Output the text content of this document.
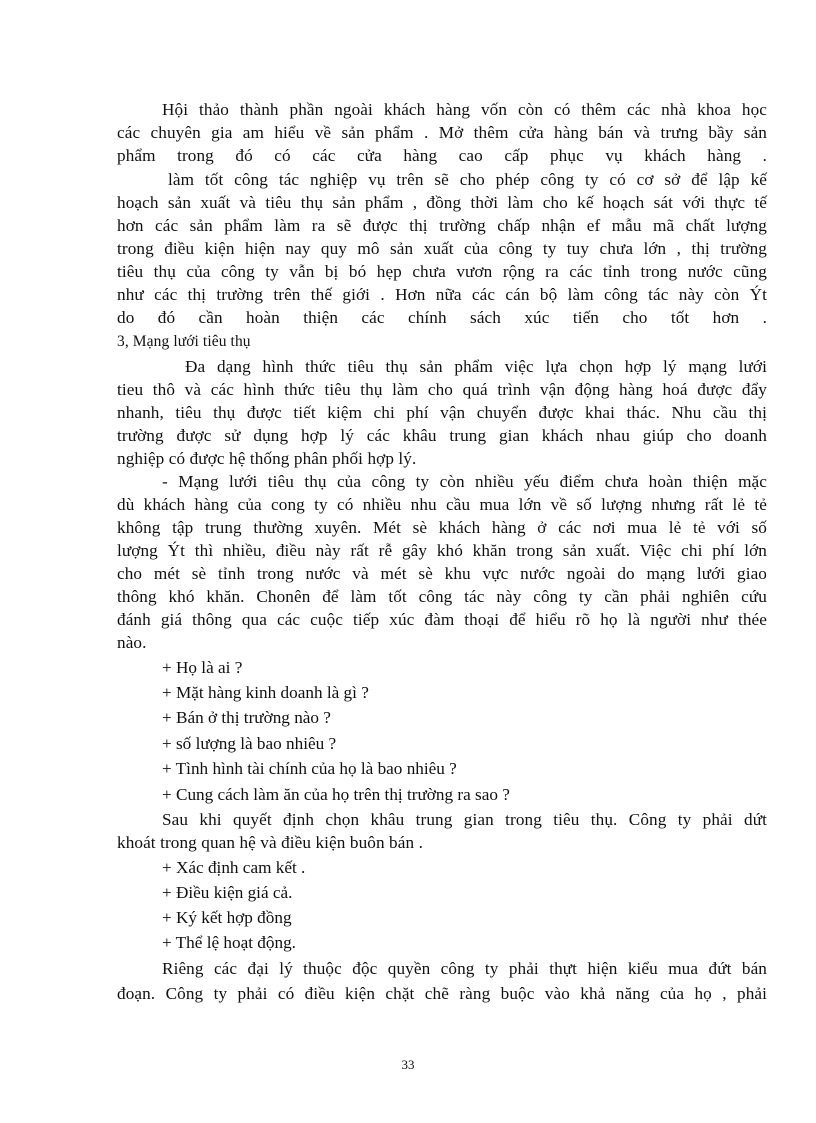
Hội thảo thành phần ngoài khách hàng vốn còn có thêm các nhà khoa học
các chuyên gia am hiểu về sản phẩm . Mở thêm cửa hàng bán và trưng bầy sản
phẩm trong đó có các cửa hàng cao cấp phục vụ khách hàng .
làm tốt công tác nghiệp vụ trên sẽ cho phép công ty có cơ sở để lập kế
hoạch sản xuất và tiêu thụ sản phẩm , đồng thời làm cho kế hoạch sát với thực tế
hơn các sản phẩm làm ra sẽ được thị trường chấp nhận ef mẫu mã chất lượng
trong điều kiện hiện nay quy mô sản xuất của công ty tuy chưa lớn , thị trường
tiêu thụ của công ty vẫn bị bó hẹp chưa vươn rộng ra các tỉnh trong nước cũng
như các thị trường trên thế giới . Hơn nữa các cán bộ làm công tác này còn Ýt
do đó cần hoàn thiện các chính sách xúc tiến cho tốt hơn .
3, Mạng lưới tiêu thụ
Đa dạng hình thức tiêu thụ sản phẩm việc lựa chọn hợp lý mạng lưới
tieu thô và các hình thức tiêu thụ làm cho quá trình vận động hàng hoá được đẩy
nhanh, tiêu thụ được tiết kiệm chi phí vận chuyển được khai thác. Nhu cầu thị
trường được sử dụng hợp lý các khâu trung gian khách nhau giúp cho doanh
nghiệp có được hệ thống phân phối hợp lý.
- Mạng lưới tiêu thụ của công ty còn nhiều yếu điểm chưa hoàn thiện mặc
dù khách hàng của cong ty có nhiều nhu cầu mua lớn về số lượng nhưng rất lẻ tẻ
không tập trung thường xuyên. Mét sè khách hàng ở các nơi mua lẻ tẻ với số
lượng Ýt thì nhiều, điều này rất rễ gây khó khăn trong sản xuất. Việc chi phí lớn
cho mét sè tỉnh trong nước và mét sè khu vực nước ngoài do mạng lưới giao
thông khó khăn. Chonên để làm tốt công tác này công ty cần phải nghiên cứu
đánh giá thông qua các cuộc tiếp xúc đàm thoại để hiểu rõ họ là người như thée
nào.
+ Họ là ai ?
+ Mặt hàng kinh doanh là gì ?
+ Bán ở thị trường nào ?
+ số lượng là bao nhiêu ?
+ Tình hình tài chính của họ là bao nhiêu ?
+ Cung cách làm ăn của họ trên thị trường ra sao ?
Sau khi quyết định chọn khâu trung gian trong tiêu thụ. Công ty phải dứt
khoát trong quan hệ và điều kiện buôn bán .
+ Xác định cam kết .
+ Điều kiện giá cả.
+ Ký kết hợp đồng
+ Thể lệ hoạt động.
Riêng các đại lý thuộc độc quyền công ty phải thựt hiện kiểu mua đứt bán
đoạn. Công ty phải có điều kiện chặt chẽ ràng buộc vào khả năng của họ , phải
33
